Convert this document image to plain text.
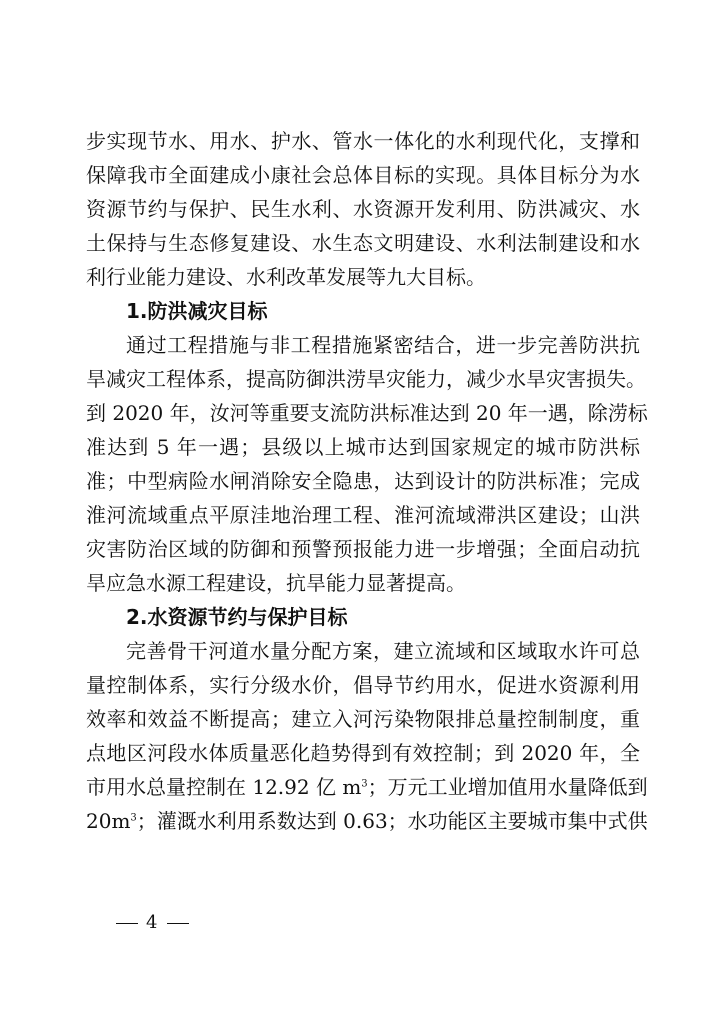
步实现节水、用水、护水、管水一体化的水利现代化，支撑和
保障我市全面建成小康社会总体目标的实现。具体目标分为水
资源节约与保护、民生水利、水资源开发利用、防洪减灾、水
土保持与生态修复建设、水生态文明建设、水利法制建设和水
利行业能力建设、水利改革发展等九大目标。
1.防洪减灾目标
通过工程措施与非工程措施紧密结合，进一步完善防洪抗
旱减灾工程体系，提高防御洪涝旱灾能力，减少水旱灾害损失。
到 2020 年，汝河等重要支流防洪标准达到 20 年一遇，除涝标
准达到 5 年一遇；县级以上城市达到国家规定的城市防洪标
准；中型病险水闸消除安全隐患，达到设计的防洪标准；完成
淮河流域重点平原洼地治理工程、淮河流域滞洪区建设；山洪
灾害防治区域的防御和预警预报能力进一步增强；全面启动抗
旱应急水源工程建设，抗旱能力显著提高。
2.水资源节约与保护目标
完善骨干河道水量分配方案，建立流域和区域取水许可总
量控制体系，实行分级水价，倡导节约用水，促进水资源利用
效率和效益不断提高；建立入河污染物限排总量控制制度，重
点地区河段水体质量恶化趋势得到有效控制；到 2020 年，全
市用水总量控制在 12.92 亿 $m^3$；万元工业增加值用水量降低到
$20m^3$；灌溉水利用系数达到 0.63；水功能区主要城市集中式供
4
